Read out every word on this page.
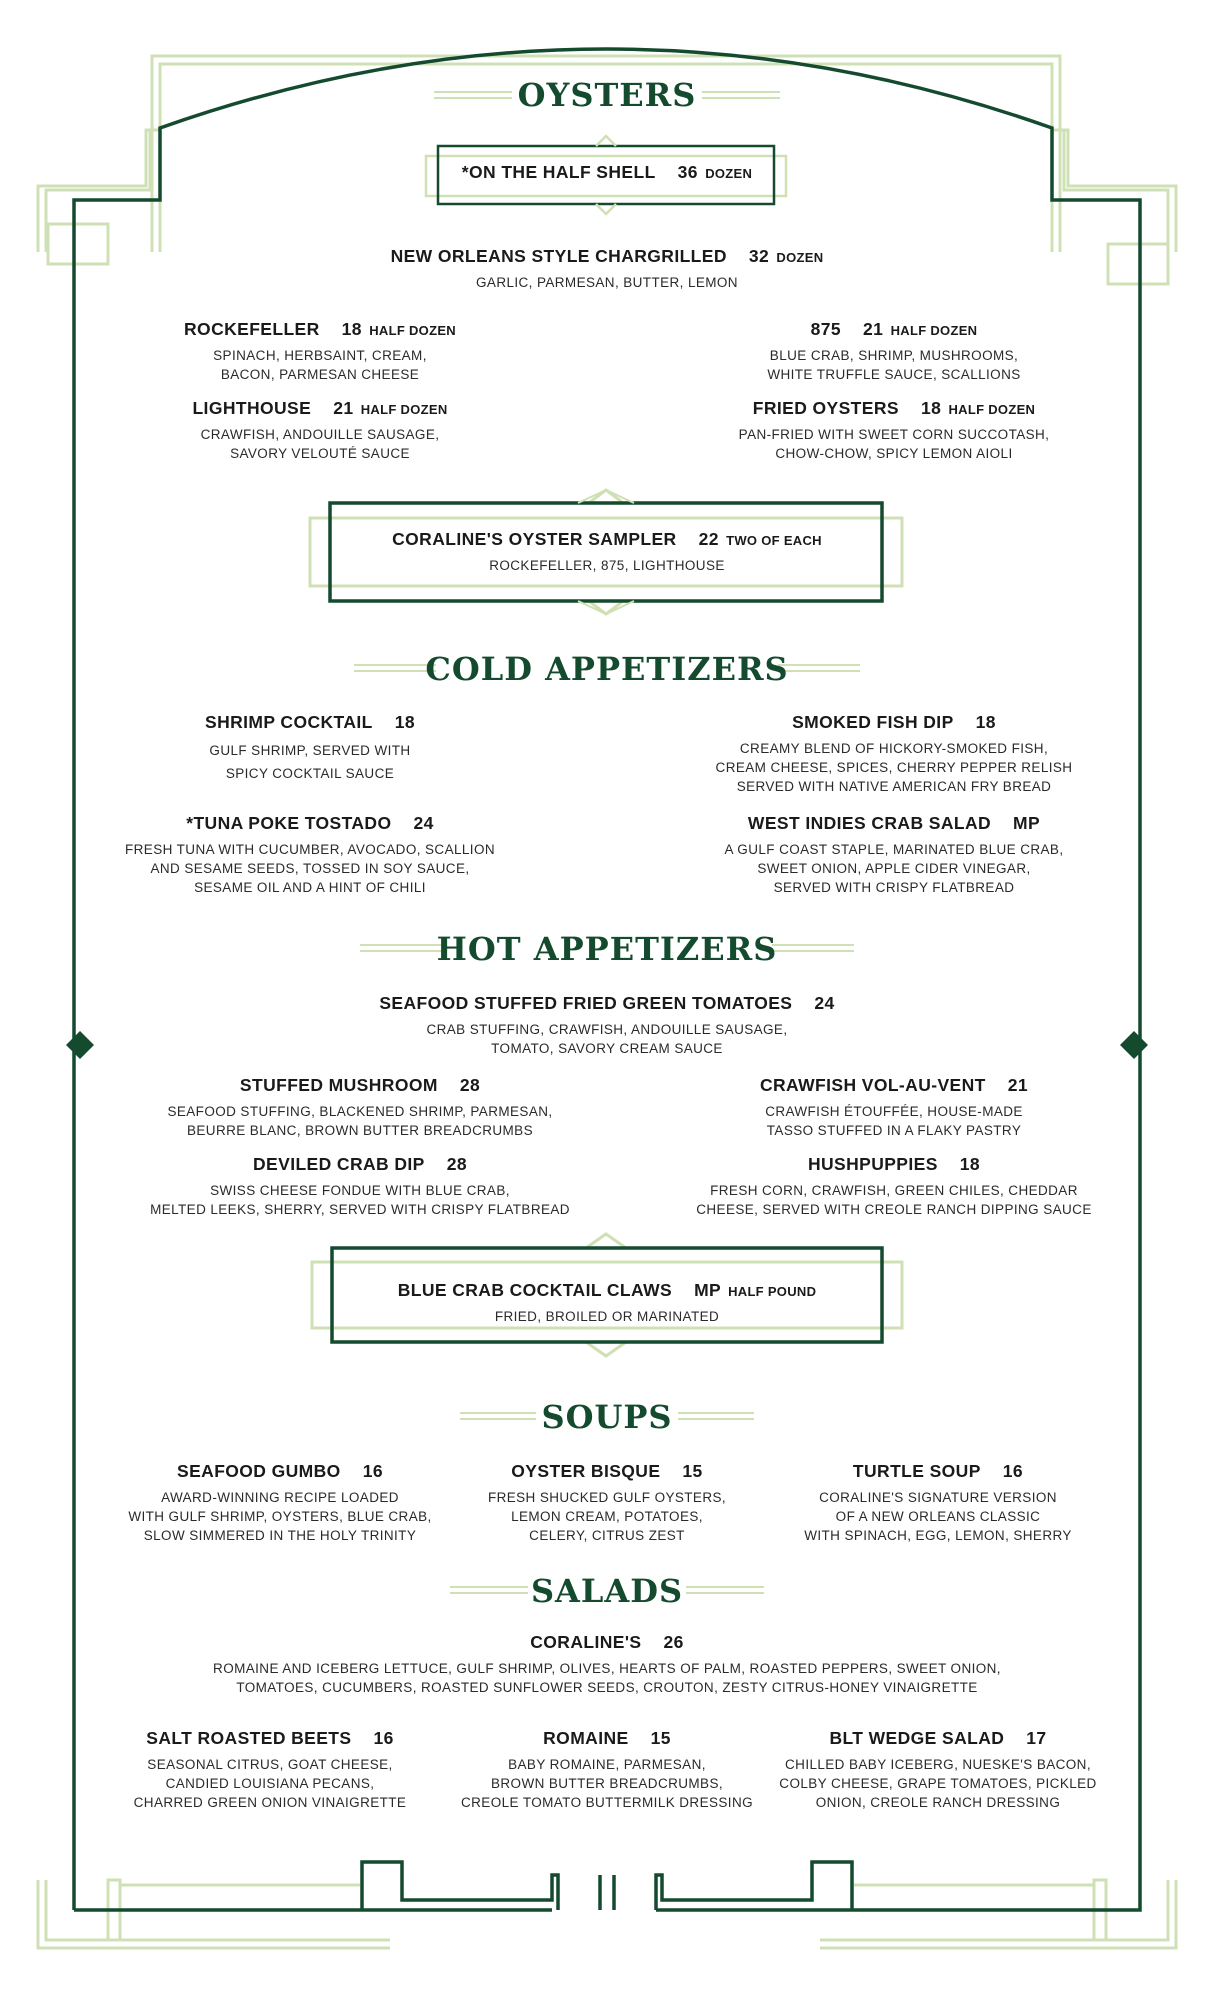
OYSTERS
COLD APPETIZERS
HOT APPETIZERS
SOUPS
SALADS
*ON THE HALF SHELL 36 DOZEN
NEW ORLEANS STYLE CHARGRILLED 32 DOZEN
GARLIC, PARMESAN, BUTTER, LEMON
ROCKEFELLER 18 HALF DOZEN
SPINACH, HERBSAINT, CREAM,
BACON, PARMESAN CHEESE
875 21 HALF DOZEN
BLUE CRAB, SHRIMP, MUSHROOMS,
WHITE TRUFFLE SAUCE, SCALLIONS
LIGHTHOUSE 21 HALF DOZEN
CRAWFISH, ANDOUILLE SAUSAGE,
SAVORY VELOUTÉ SAUCE
FRIED OYSTERS 18 HALF DOZEN
PAN-FRIED WITH SWEET CORN SUCCOTASH,
CHOW-CHOW, SPICY LEMON AIOLI
CORALINE'S OYSTER SAMPLER 22 TWO OF EACH
ROCKEFELLER, 875, LIGHTHOUSE
SHRIMP COCKTAIL 18
GULF SHRIMP, SERVED WITH
SPICY COCKTAIL SAUCE
SMOKED FISH DIP 18
CREAMY BLEND OF HICKORY-SMOKED FISH,
CREAM CHEESE, SPICES, CHERRY PEPPER RELISH
SERVED WITH NATIVE AMERICAN FRY BREAD
*TUNA POKE TOSTADO 24
FRESH TUNA WITH CUCUMBER, AVOCADO, SCALLION
AND SESAME SEEDS, TOSSED IN SOY SAUCE,
SESAME OIL AND A HINT OF CHILI
WEST INDIES CRAB SALAD MP
A GULF COAST STAPLE, MARINATED BLUE CRAB,
SWEET ONION, APPLE CIDER VINEGAR,
SERVED WITH CRISPY FLATBREAD
SEAFOOD STUFFED FRIED GREEN TOMATOES 24
CRAB STUFFING, CRAWFISH, ANDOUILLE SAUSAGE,
TOMATO, SAVORY CREAM SAUCE
STUFFED MUSHROOM 28
SEAFOOD STUFFING, BLACKENED SHRIMP, PARMESAN,
BEURRE BLANC, BROWN BUTTER BREADCRUMBS
CRAWFISH VOL-AU-VENT 21
CRAWFISH ÉTOUFFÉE, HOUSE-MADE
TASSO STUFFED IN A FLAKY PASTRY
DEVILED CRAB DIP 28
SWISS CHEESE FONDUE WITH BLUE CRAB,
MELTED LEEKS, SHERRY, SERVED WITH CRISPY FLATBREAD
HUSHPUPPIES 18
FRESH CORN, CRAWFISH, GREEN CHILES, CHEDDAR
CHEESE, SERVED WITH CREOLE RANCH DIPPING SAUCE
BLUE CRAB COCKTAIL CLAWS MP HALF POUND
FRIED, BROILED OR MARINATED
SEAFOOD GUMBO 16
AWARD-WINNING RECIPE LOADED
WITH GULF SHRIMP, OYSTERS, BLUE CRAB,
SLOW SIMMERED IN THE HOLY TRINITY
OYSTER BISQUE 15
FRESH SHUCKED GULF OYSTERS,
LEMON CREAM, POTATOES,
CELERY, CITRUS ZEST
TURTLE SOUP 16
CORALINE'S SIGNATURE VERSION
OF A NEW ORLEANS CLASSIC
WITH SPINACH, EGG, LEMON, SHERRY
CORALINE'S 26
ROMAINE AND ICEBERG LETTUCE, GULF SHRIMP, OLIVES, HEARTS OF PALM, ROASTED PEPPERS, SWEET ONION,
TOMATOES, CUCUMBERS, ROASTED SUNFLOWER SEEDS, CROUTON, ZESTY CITRUS-HONEY VINAIGRETTE
SALT ROASTED BEETS 16
SEASONAL CITRUS, GOAT CHEESE,
CANDIED LOUISIANA PECANS,
CHARRED GREEN ONION VINAIGRETTE
ROMAINE 15
BABY ROMAINE, PARMESAN,
BROWN BUTTER BREADCRUMBS,
CREOLE TOMATO BUTTERMILK DRESSING
BLT WEDGE SALAD 17
CHILLED BABY ICEBERG, NUESKE'S BACON,
COLBY CHEESE, GRAPE TOMATOES, PICKLED
ONION, CREOLE RANCH DRESSING
